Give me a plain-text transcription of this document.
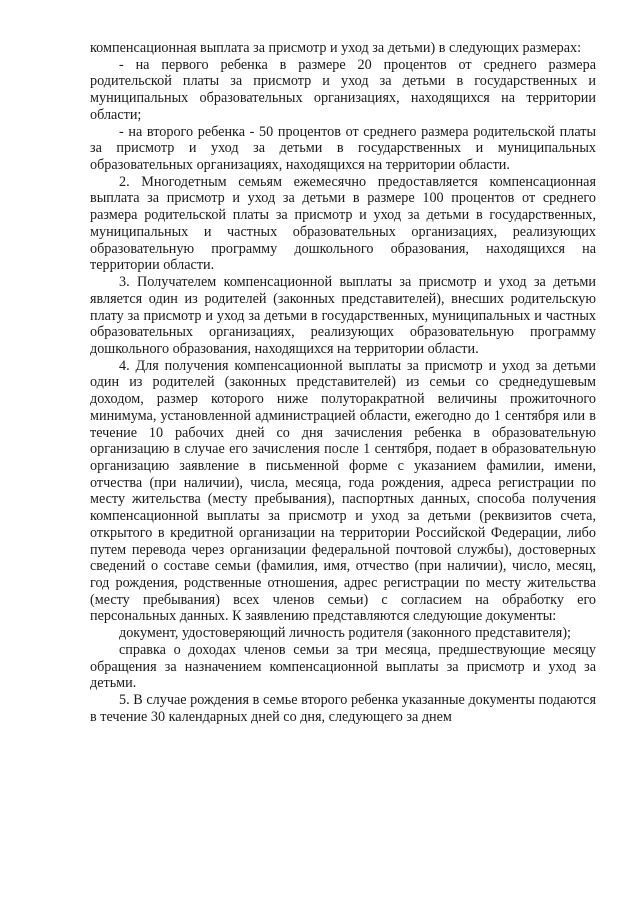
компенсационная выплата за присмотр и уход за детьми) в следующих размерах:

- на первого ребенка в размере 20 процентов от среднего размера родительской платы за присмотр и уход за детьми в государственных и муниципальных образовательных организациях, находящихся на территории области;

- на второго ребенка - 50 процентов от среднего размера родительской платы за присмотр и уход за детьми в государственных и муниципальных образовательных организациях, находящихся на территории области.

2. Многодетным семьям ежемесячно предоставляется компенсационная выплата за присмотр и уход за детьми в размере 100 процентов от среднего размера родительской платы за присмотр и уход за детьми в государственных, муниципальных и частных образовательных организациях, реализующих образовательную программу дошкольного образования, находящихся на территории области.

3. Получателем компенсационной выплаты за присмотр и уход за детьми является один из родителей (законных представителей), внесших родительскую плату за присмотр и уход за детьми в государственных, муниципальных и частных образовательных организациях, реализующих образовательную программу дошкольного образования, находящихся на территории области.

4. Для получения компенсационной выплаты за присмотр и уход за детьми один из родителей (законных представителей) из семьи со среднедушевым доходом, размер которого ниже полуторакратной величины прожиточного минимума, установленной администрацией области, ежегодно до 1 сентября или в течение 10 рабочих дней со дня зачисления ребенка в образовательную организацию в случае его зачисления после 1 сентября, подает в образовательную организацию заявление в письменной форме с указанием фамилии, имени, отчества (при наличии), числа, месяца, года рождения, адреса регистрации по месту жительства (месту пребывания), паспортных данных, способа получения компенсационной выплаты за присмотр и уход за детьми (реквизитов счета, открытого в кредитной организации на территории Российской Федерации, либо путем перевода через организации федеральной почтовой службы), достоверных сведений о составе семьи (фамилия, имя, отчество (при наличии), число, месяц, год рождения, родственные отношения, адрес регистрации по месту жительства (месту пребывания) всех членов семьи) с согласием на обработку его персональных данных. К заявлению представляются следующие документы:

документ, удостоверяющий личность родителя (законного представителя);

справка о доходах членов семьи за три месяца, предшествующие месяцу обращения за назначением компенсационной выплаты за присмотр и уход за детьми.

5. В случае рождения в семье второго ребенка указанные документы подаются в течение 30 календарных дней со дня, следующего за днем
